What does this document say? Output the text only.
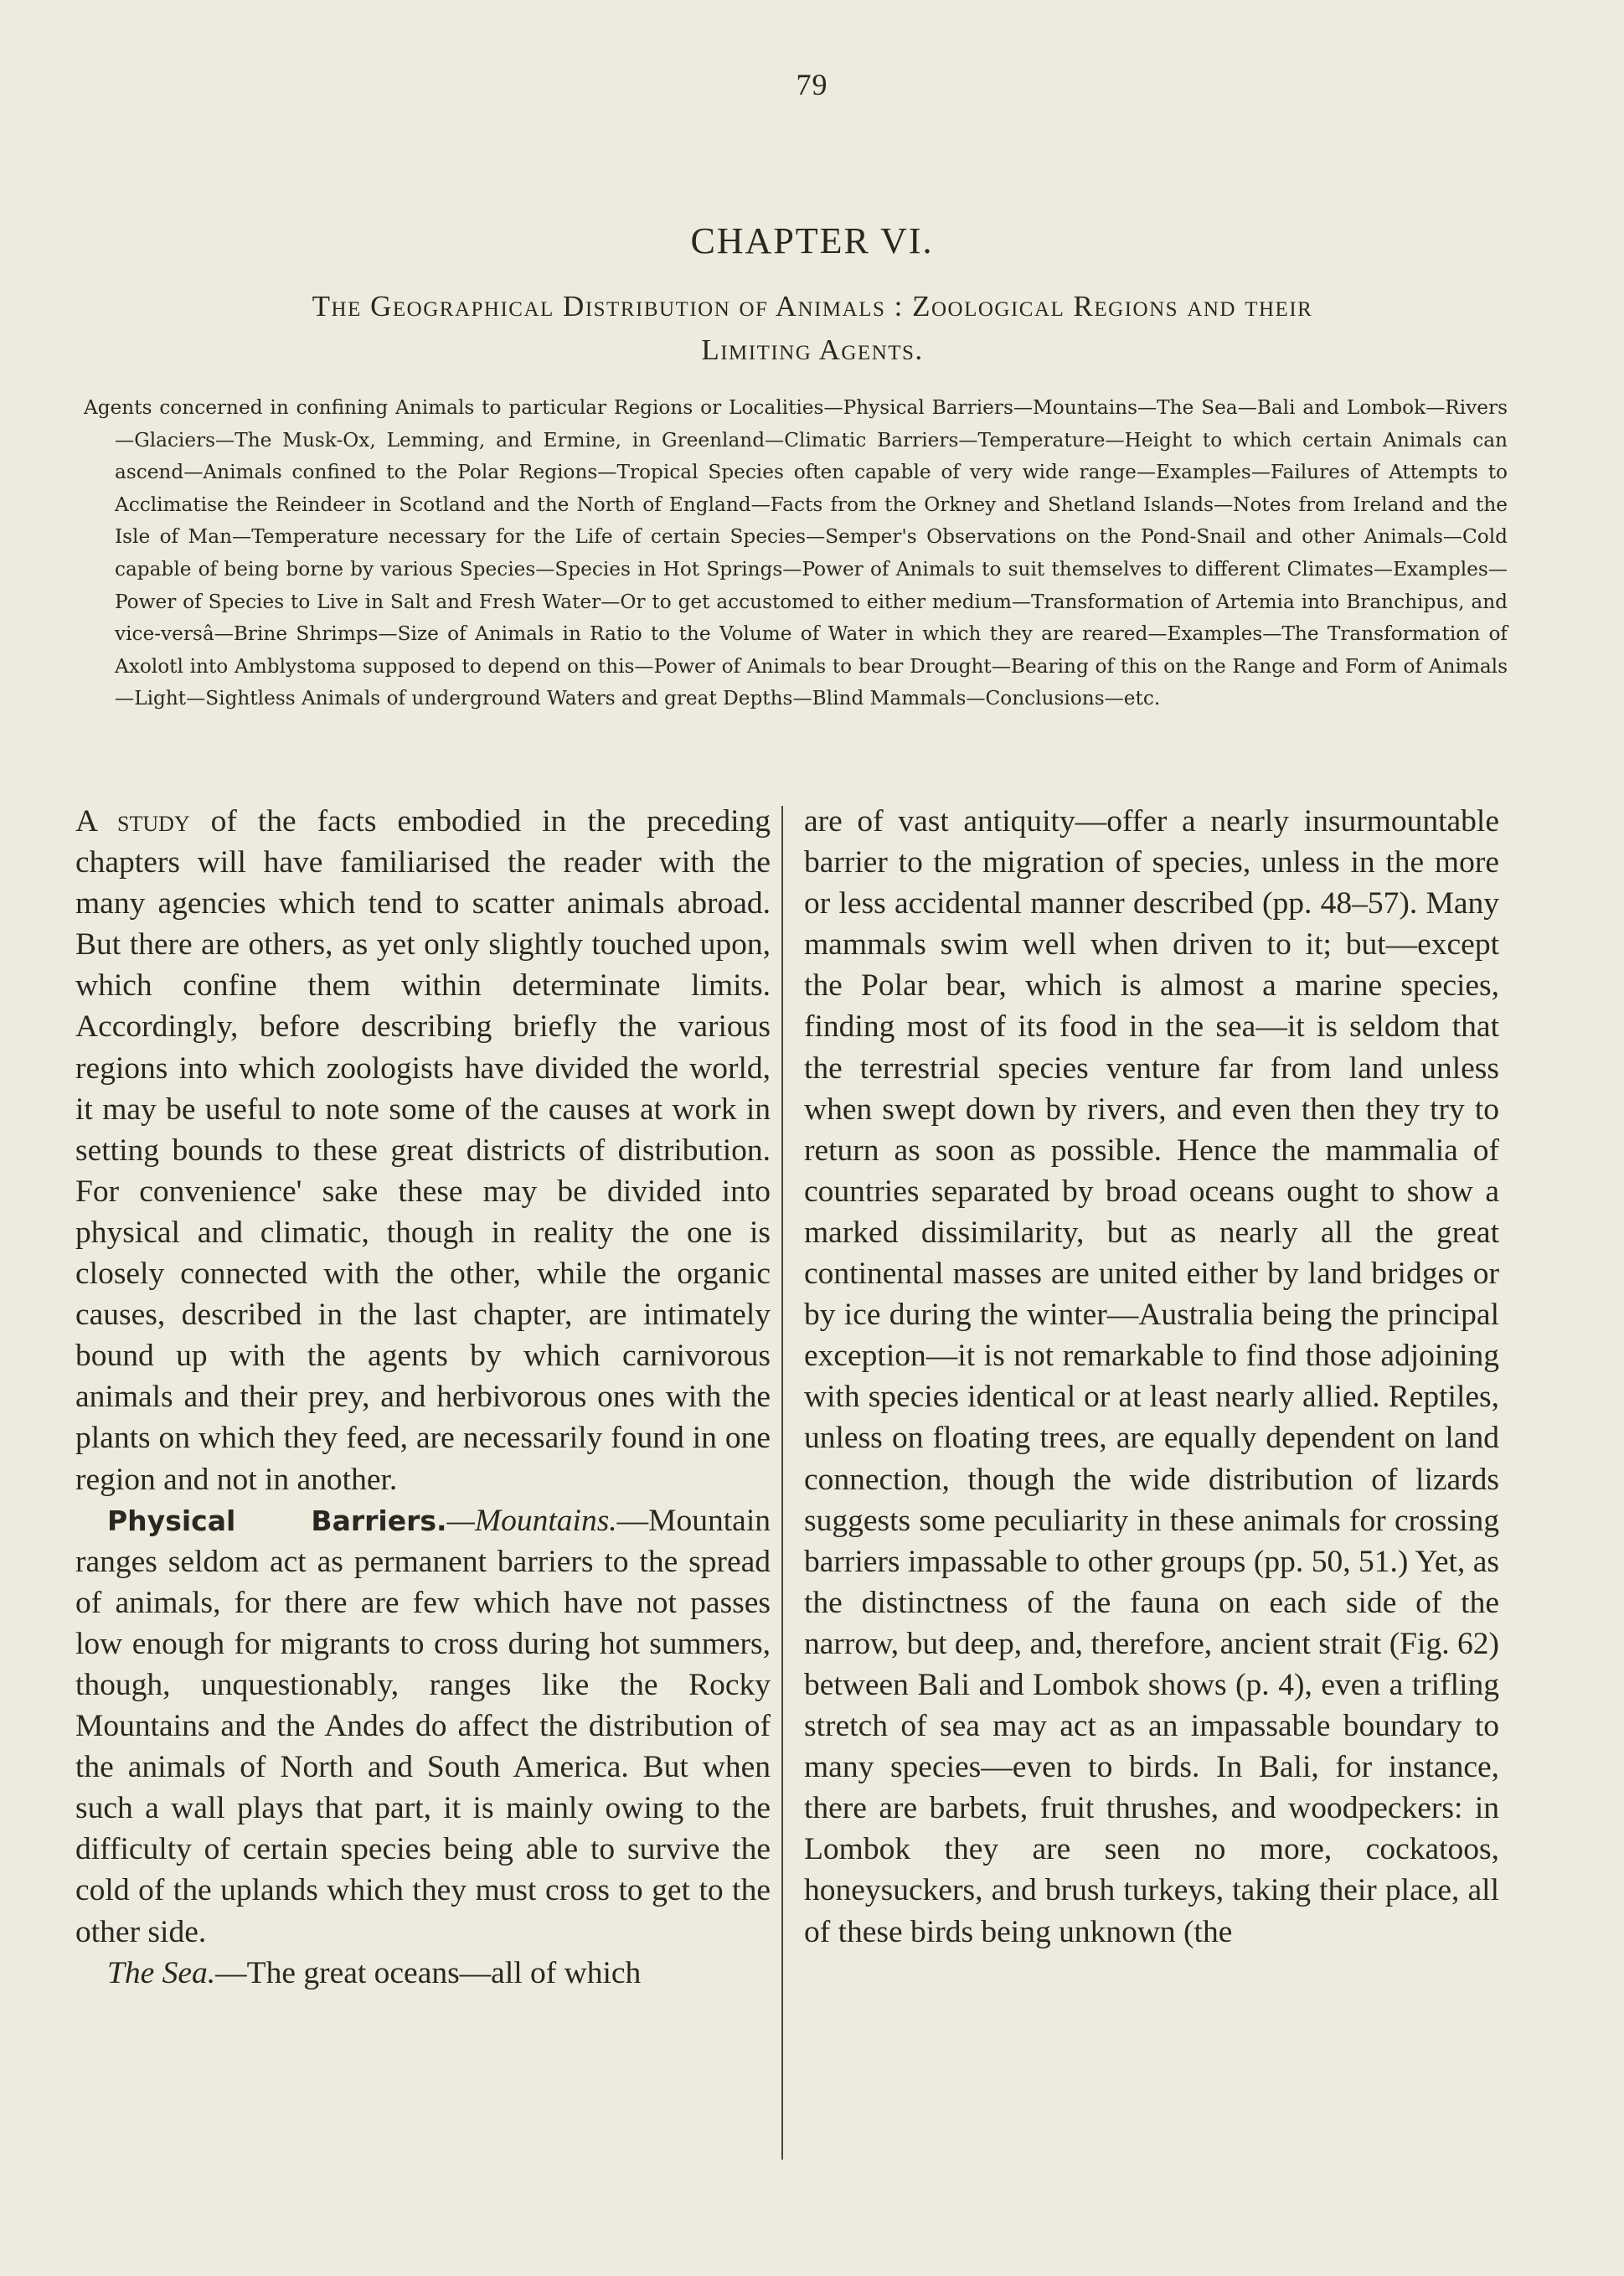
79
CHAPTER VI.
The Geographical Distribution of Animals : Zoological Regions and their
Limiting Agents.
Agents concerned in confining Animals to particular Regions or Localities—Physical Barriers—Mountains—The Sea—Bali and Lombok—Rivers—Glaciers—The Musk-Ox, Lemming, and Ermine, in Greenland—Climatic Barriers—Temperature—Height to which certain Animals can ascend—Animals confined to the Polar Regions—Tropical Species often capable of very wide range—Examples—Failures of Attempts to Acclimatise the Reindeer in Scotland and the North of England—Facts from the Orkney and Shetland Islands—Notes from Ireland and the Isle of Man—Temperature necessary for the Life of certain Species—Semper's Observations on the Pond-Snail and other Animals—Cold capable of being borne by various Species—Species in Hot Springs—Power of Animals to suit themselves to different Climates—Examples—Power of Species to Live in Salt and Fresh Water—Or to get accustomed to either medium—Transformation of Artemia into Branchipus, and vice-versâ—Brine Shrimps—Size of Animals in Ratio to the Volume of Water in which they are reared—Examples—The Transformation of Axolotl into Amblystoma supposed to depend on this—Power of Animals to bear Drought—Bearing of this on the Range and Form of Animals—Light—Sightless Animals of underground Waters and great Depths—Blind Mammals—Conclusions—etc.

A study of the facts embodied in the preceding chapters will have familiarised the reader with the many agencies which tend to scatter animals abroad. But there are others, as yet only slightly touched upon, which confine them within determinate limits. Accordingly, before describing briefly the various regions into which zoologists have divided the world, it may be useful to note some of the causes at work in setting bounds to these great districts of distribution. For convenience' sake these may be divided into physical and climatic, though in reality the one is closely connected with the other, while the organic causes, described in the last chapter, are intimately bound up with the agents by which carnivorous animals and their prey, and herbivorous ones with the plants on which they feed, are necessarily found in one region and not in another.

Physical Barriers.—Mountains.—Mountain ranges seldom act as permanent barriers to the spread of animals, for there are few which have not passes low enough for migrants to cross during hot summers, though, unquestionably, ranges like the Rocky Mountains and the Andes do affect the distribution of the animals of North and South America. But when such a wall plays that part, it is mainly owing to the difficulty of certain species being able to survive the cold of the uplands which they must cross to get to the other side.

The Sea.—The great oceans—all of which

are of vast antiquity—offer a nearly insurmountable barrier to the migration of species, unless in the more or less accidental manner described (pp. 48–57). Many mammals swim well when driven to it; but—except the Polar bear, which is almost a marine species, finding most of its food in the sea—it is seldom that the terrestrial species venture far from land unless when swept down by rivers, and even then they try to return as soon as possible. Hence the mammalia of countries separated by broad oceans ought to show a marked dissimilarity, but as nearly all the great continental masses are united either by land bridges or by ice during the winter—Australia being the principal exception—it is not remarkable to find those adjoining with species identical or at least nearly allied. Reptiles, unless on floating trees, are equally dependent on land connection, though the wide distribution of lizards suggests some peculiarity in these animals for crossing barriers impassable to other groups (pp. 50, 51.) Yet, as the distinctness of the fauna on each side of the narrow, but deep, and, therefore, ancient strait (Fig. 62) between Bali and Lombok shows (p. 4), even a trifling stretch of sea may act as an impassable boundary to many species—even to birds. In Bali, for instance, there are barbets, fruit thrushes, and woodpeckers: in Lombok they are seen no more, cockatoos, honeysuckers, and brush turkeys, taking their place, all of these birds being unknown (the
